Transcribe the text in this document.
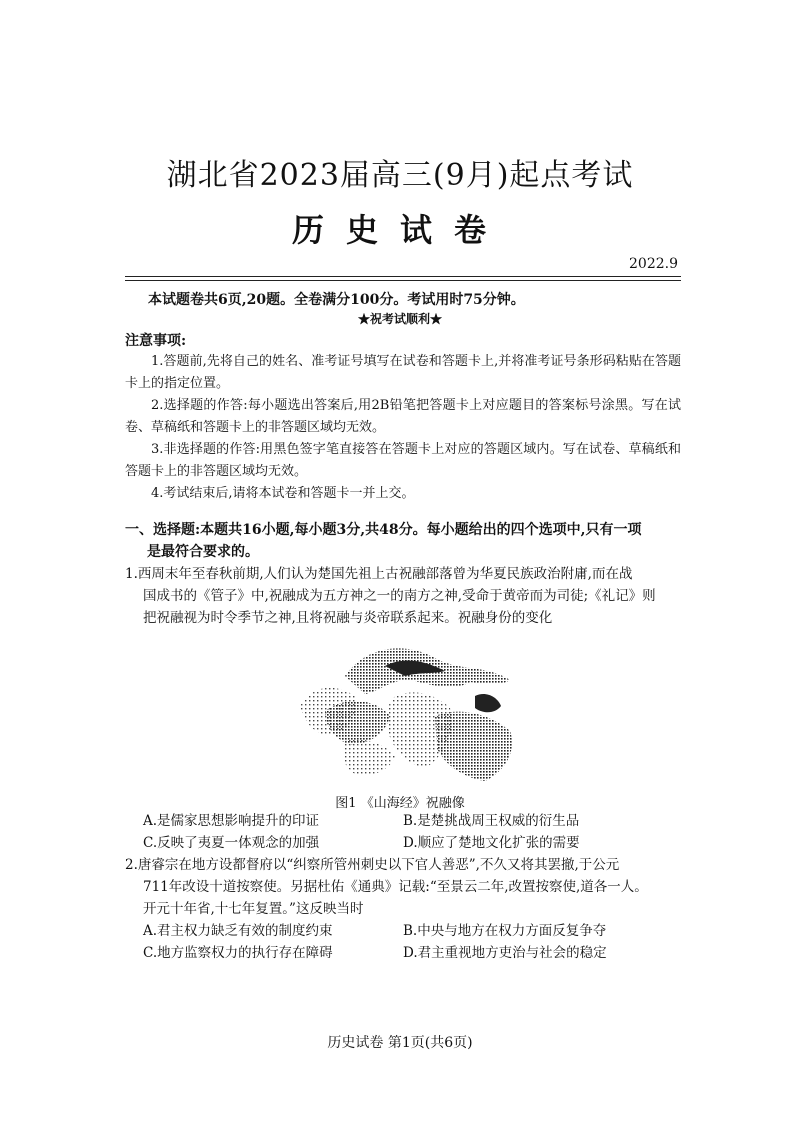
湖北省2023届高三(9月)起点考试
历史试卷
2022.9
本试题卷共6页,20题。全卷满分100分。考试用时75分钟。
★祝考试顺利★
注意事项:

1.答题前,先将自己的姓名、准考证号填写在试卷和答题卡上,并将准考证号条形码粘贴在答题卡上的指定位置。

2.选择题的作答:每小题选出答案后,用2B铅笔把答题卡上对应题目的答案标号涂黑。写在试卷、草稿纸和答题卡上的非答题区域均无效。

3.非选择题的作答:用黑色签字笔直接答在答题卡上对应的答题区域内。写在试卷、草稿纸和答题卡上的非答题区域均无效。

4.考试结束后,请将本试卷和答题卡一并上交。

一、选择题:本题共16小题,每小题3分,共48分。每小题给出的四个选项中,只有一项
是最符合要求的。
1.西周末年至春秋前期,人们认为楚国先祖上古祝融部落曾为华夏民族政治附庸,而在战
国成书的《管子》中,祝融成为五方神之一的南方之神,受命于黄帝而为司徒;《礼记》则
把祝融视为时令季节之神,且将祝融与炎帝联系起来。祝融身份的变化
图1 《山海经》祝融像
A.是儒家思想影响提升的印证	B.是楚挑战周王权威的衍生品
C.反映了夷夏一体观念的加强	D.顺应了楚地文化扩张的需要
2.唐睿宗在地方设都督府以“纠察所管州刺史以下官人善恶”,不久又将其罢撤,于公元
711年改设十道按察使。另据杜佑《通典》记载:“至景云二年,改置按察使,道各一人。
开元十年省,十七年复置。”这反映当时
A.君主权力缺乏有效的制度约束	B.中央与地方在权力方面反复争夺
C.地方监察权力的执行存在障碍	D.君主重视地方吏治与社会的稳定
历史试卷 第1页(共6页)
